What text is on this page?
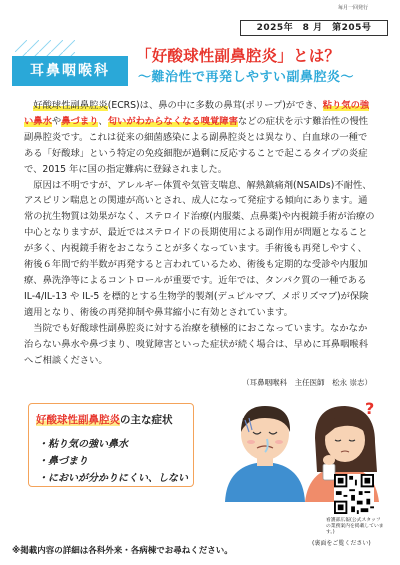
毎月一回発行
2025年　8 月　第205号
耳鼻咽喉科
「好酸球性副鼻腔炎」とは？
〜難治性で再発しやすい副鼻腔炎〜

好酸球性副鼻腔炎(ECRS)は、鼻の中に多数の鼻茸(ポリープ)ができ、粘り気の強い鼻水や鼻づまり、匂いがわからなくなる嗅覚障害などの症状を示す難治性の慢性副鼻腔炎です。これは従来の細菌感染による副鼻腔炎とは異なり、白血球の一種である「好酸球」という特定の免疫細胞が過剰に反応することで起こるタイプの炎症で、2015 年に国の指定難病に登録されました。

原因は不明ですが、アレルギー体質や気管支喘息、解熱鎮痛剤(NSAIDs)不耐性、アスピリン喘息との関連が高いとされ、成人になって発症する傾向にあります。通常の抗生物質は効果がなく、ステロイド治療(内服薬、点鼻薬)や内視鏡手術が治療の中心となりますが、最近ではステロイドの長期使用による副作用が問題となることが多く、内視鏡手術をおこなうことが多くなっています。手術後も再発しやすく、術後６年間で約半数が再発すると言われているため、術後も定期的な受診や内服加療、鼻洗浄等によるコントロールが重要です。近年では、タンパク質の一種である IL-4/IL-13 や IL-5 を標的とする生物学的製剤(デュピルマブ、メポリズマブ)が保険適用となり、術後の再発抑制や鼻茸縮小に有効とされています。

当院でも好酸球性副鼻腔炎に対する治療を積極的におこなっています。なかなか治らない鼻水や鼻づまり、嗅覚障害といった症状が続く場合は、早めに耳鼻咽喉科へご相談ください。

（耳鼻咽喉科　主任医師　松永 崇志）
好酸球性副鼻腔炎の主な症状
・粘り気の強い鼻水
・鼻づまり
・においが分かりにくい、しない
?
看護部広報(公式スタッフの業務案内を掲載しています。)
(裏面をご覧ください)
※掲載内容の詳細は各科外来・各病棟でお尋ねください。
